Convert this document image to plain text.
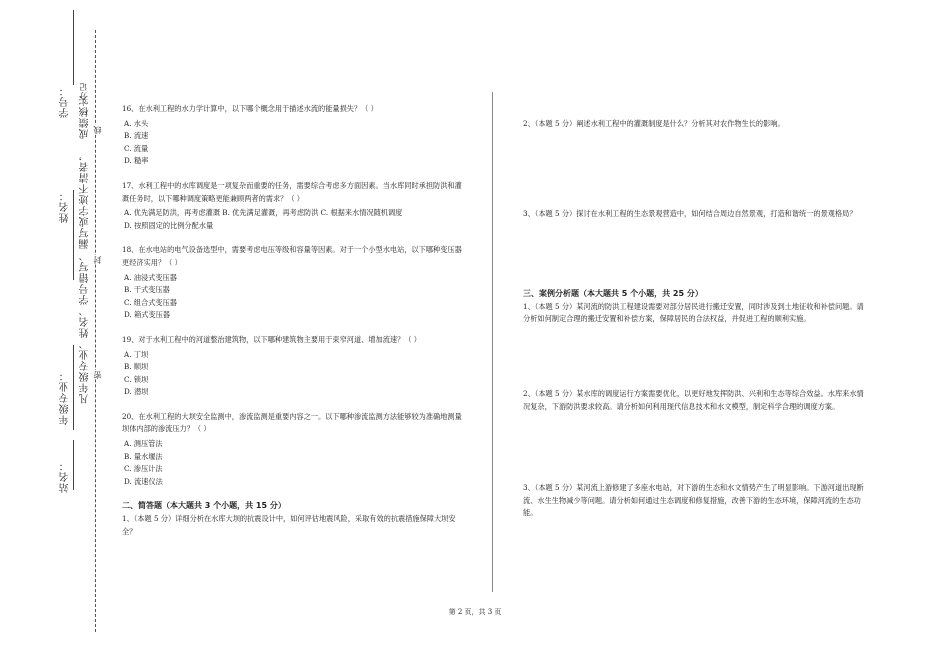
学号：
姓名：
年级专业：
站名：
成绩核实
漏写或字迹不清者，
凡年级专业、姓名、学号错写、
分记
线
封
密

16、在水利工程的水力学计算中，以下哪个概念用于描述水流的能量损失？（ ）

A. 水头

B. 流速

C. 流量

D. 糙率

17、水利工程中的水库调度是一项复杂而重要的任务，需要综合考虑多方面因素。当水库同时承担防洪和灌溉任务时，以下哪种调度策略更能兼顾两者的需求？（ ）

A. 优先满足防洪，再考虑灌溉 B. 优先满足灌溉，再考虑防洪 C. 根据来水情况随机调度

D. 按照固定的比例分配水量

18、在水电站的电气设备选型中，需要考虑电压等级和容量等因素。对于一个小型水电站，以下哪种变压器更经济实用？（ ）

A. 油浸式变压器

B. 干式变压器

C. 组合式变压器

D. 箱式变压器

19、对于水利工程中的河道整治建筑物，以下哪种建筑物主要用于束窄河道、增加流速？（ ）

A. 丁坝

B. 顺坝

C. 锁坝

D. 潜坝

20、在水利工程的大坝安全监测中，渗流监测是重要内容之一。以下哪种渗流监测方法能够较为准确地测量坝体内部的渗流压力？（ ）

A. 测压管法

B. 量水堰法

C. 渗压计法

D. 流速仪法

二、简答题（本大题共 3 个小题，共 15 分）

1、（本题 5 分）详细分析在水库大坝的抗震设计中，如何评估地震风险，采取有效的抗震措施保障大坝安全？

2、（本题 5 分）阐述水利工程中的灌溉制度是什么？分析其对农作物生长的影响。

3、（本题 5 分）探讨在水利工程的生态景观营造中，如何结合周边自然景观，打造和谐统一的景观格局？

三、案例分析题（本大题共 5 个小题，共 25 分）

1、（本题 5 分）某河流的防洪工程建设需要对部分居民进行搬迁安置，同时涉及到土地征收和补偿问题。请分析如何制定合理的搬迁安置和补偿方案，保障居民的合法权益，并促进工程的顺利实施。

2、（本题 5 分）某水库的调度运行方案需要优化，以更好地发挥防洪、兴利和生态等综合效益。水库来水情况复杂，下游防洪要求较高。请分析如何利用现代信息技术和水文模型，制定科学合理的调度方案。

3、（本题 5 分）某河流上游修建了多座水电站，对下游的生态和水文情势产生了明显影响。下游河道出现断流、水生生物减少等问题。请分析如何通过生态调度和修复措施，改善下游的生态环境，保障河流的生态功能。

第 2 页，共 3 页
